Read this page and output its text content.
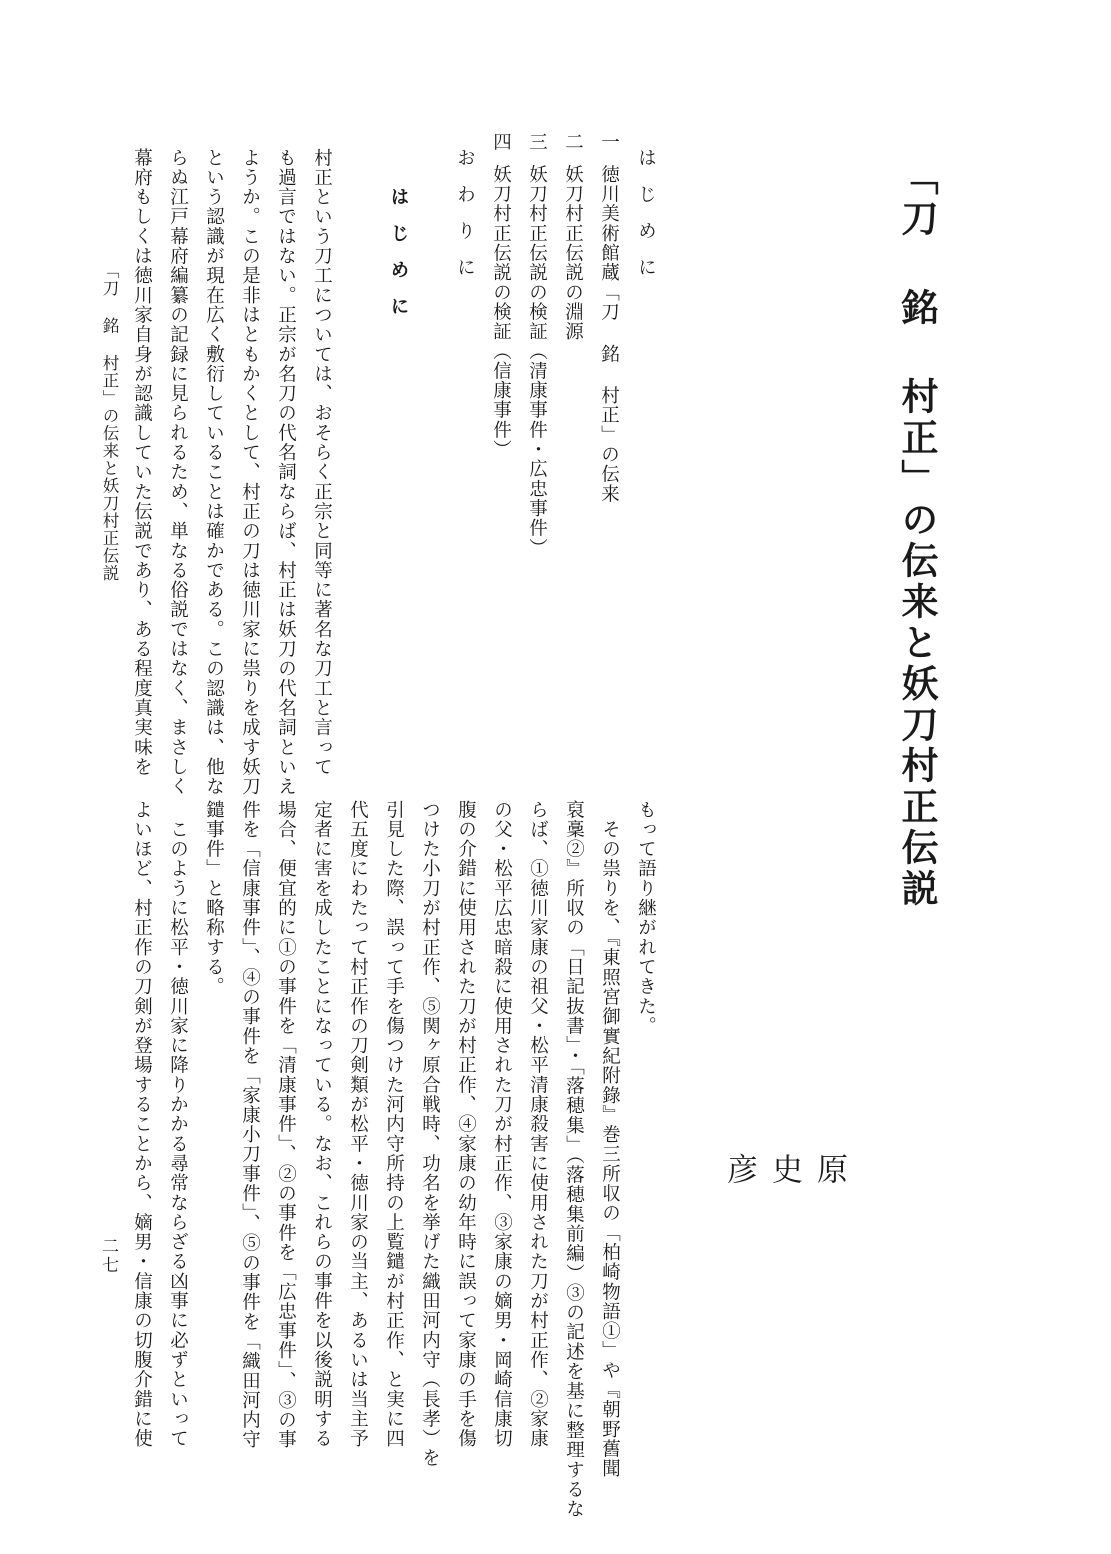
「刀 銘 村正」の伝来と妖刀村正伝説
原
史
彦
はじめに
一徳川美術館蔵「刀 銘 村正」の伝来
二妖刀村正伝説の淵源
三妖刀村正伝説の検証（清康事件・広忠事件）
四妖刀村正伝説の検証（信康事件）
おわりに
はじめに
村正という刀工については、おそらく正宗と同等に著名な刀工と言って
も過言ではない。正宗が名刀の代名詞ならば、村正は妖刀の代名詞といえ
ようか。この是非はともかくとして、村正の刀は徳川家に祟りを成す妖刀
という認識が現在広く敷衍していることは確かである。この認識は、他な
らぬ江戸幕府編纂の記録に見られるため、単なる俗説ではなく、まさしく
幕府もしくは徳川家自身が認識していた伝説であり、ある程度真実味を
「刀 銘 村正」の伝来と妖刀村正伝説
もって語り継がれてきた。
　その祟りを、『東照宮御實紀附錄』巻三所収の「柏崎物語①」や『朝野舊聞
裒稾②』所収の「日記抜書」・「落穂集」（落穂集前編）③の記述を基に整理するな
らば、①徳川家康の祖父・松平清康殺害に使用された刀が村正作、②家康
の父・松平広忠暗殺に使用された刀が村正作、③家康の嫡男・岡崎信康切
腹の介錯に使用された刀が村正作、④家康の幼年時に誤って家康の手を傷
つけた小刀が村正作、⑤関ヶ原合戦時、功名を挙げた織田河内守（長孝）を
引見した際、誤って手を傷つけた河内守所持の上覧鑓が村正作、と実に四
代五度にわたって村正作の刀剣類が松平・徳川家の当主、あるいは当主予
定者に害を成したことになっている。なお、これらの事件を以後説明する
場合、便宜的に①の事件を「清康事件」、②の事件を「広忠事件」、③の事
件を「信康事件」、④の事件を「家康小刀事件」、⑤の事件を「織田河内守
鑓事件」と略称する。
　このように松平・徳川家に降りかかる尋常ならざる凶事に必ずといって
よいほど、村正作の刀剣が登場することから、嫡男・信康の切腹介錯に使
二七
